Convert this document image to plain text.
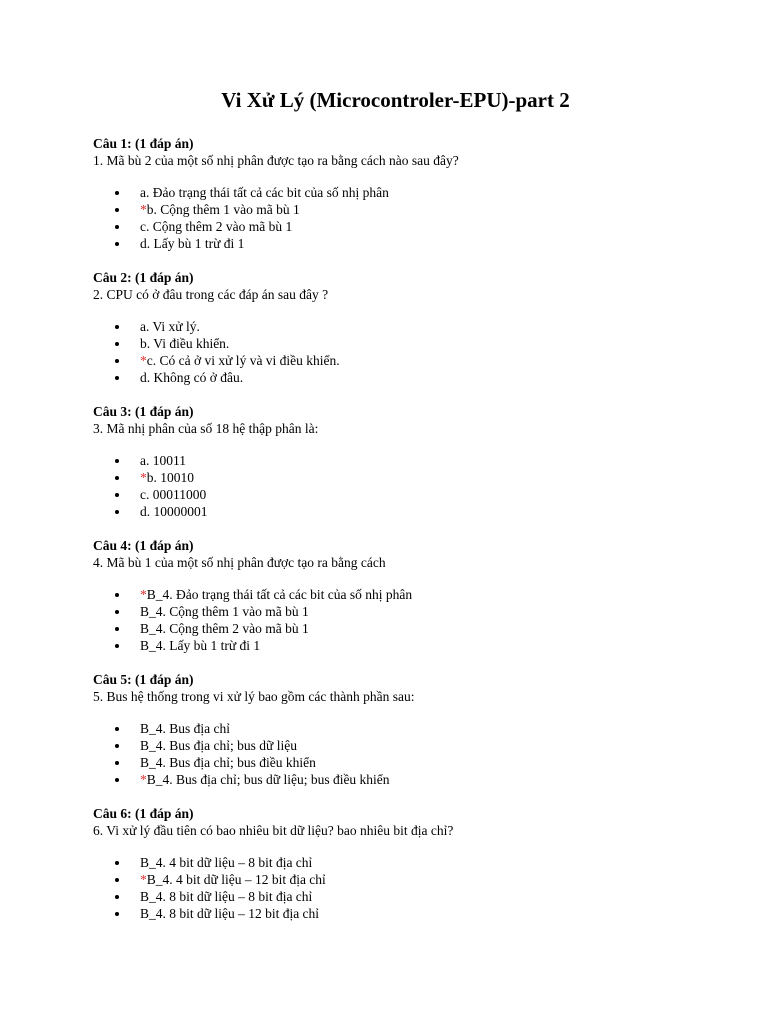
Vi Xử Lý (Microcontroler-EPU)-part 2
Câu 1: (1 đáp án)
1. Mã bù 2 của một số nhị phân được tạo ra bằng cách nào sau đây?
a. Đảo trạng thái tất cả các bit của số nhị phân
*b. Cộng thêm 1 vào mã bù 1
c. Cộng thêm 2 vào mã bù 1
d. Lấy bù 1 trừ đi 1
Câu 2: (1 đáp án)
2. CPU có ở đâu trong các đáp án sau đây ?
a. Vi xử lý.
b. Vi điều khiển.
*c. Có cả ở vi xử lý và vi điều khiển.
d. Không có ở đâu.
Câu 3: (1 đáp án)
3. Mã nhị phân của số 18 hệ thập phân là:
a. 10011
*b. 10010
c. 00011000
d. 10000001
Câu 4: (1 đáp án)
4. Mã bù 1 của một số nhị phân được tạo ra bằng cách
*B_4. Đảo trạng thái tất cả các bit của số nhị phân
B_4. Cộng thêm 1 vào mã bù 1
B_4. Cộng thêm 2 vào mã bù 1
B_4. Lấy bù 1 trừ đi 1
Câu 5: (1 đáp án)
5. Bus hệ thống trong vi xử lý bao gồm các thành phần sau:
B_4. Bus địa chỉ
B_4. Bus địa chỉ; bus dữ liệu
B_4. Bus địa chỉ; bus điều khiển
*B_4. Bus địa chỉ; bus dữ liệu; bus điều khiển
Câu 6: (1 đáp án)
6. Vi xử lý đầu tiên có bao nhiêu bit dữ liệu? bao nhiêu bit địa chỉ?
B_4. 4 bit dữ liệu – 8 bit địa chỉ
*B_4. 4 bit dữ liệu – 12 bit địa chỉ
B_4. 8 bit dữ liệu – 8 bit địa chỉ
B_4. 8 bit dữ liệu – 12 bit địa chỉ
